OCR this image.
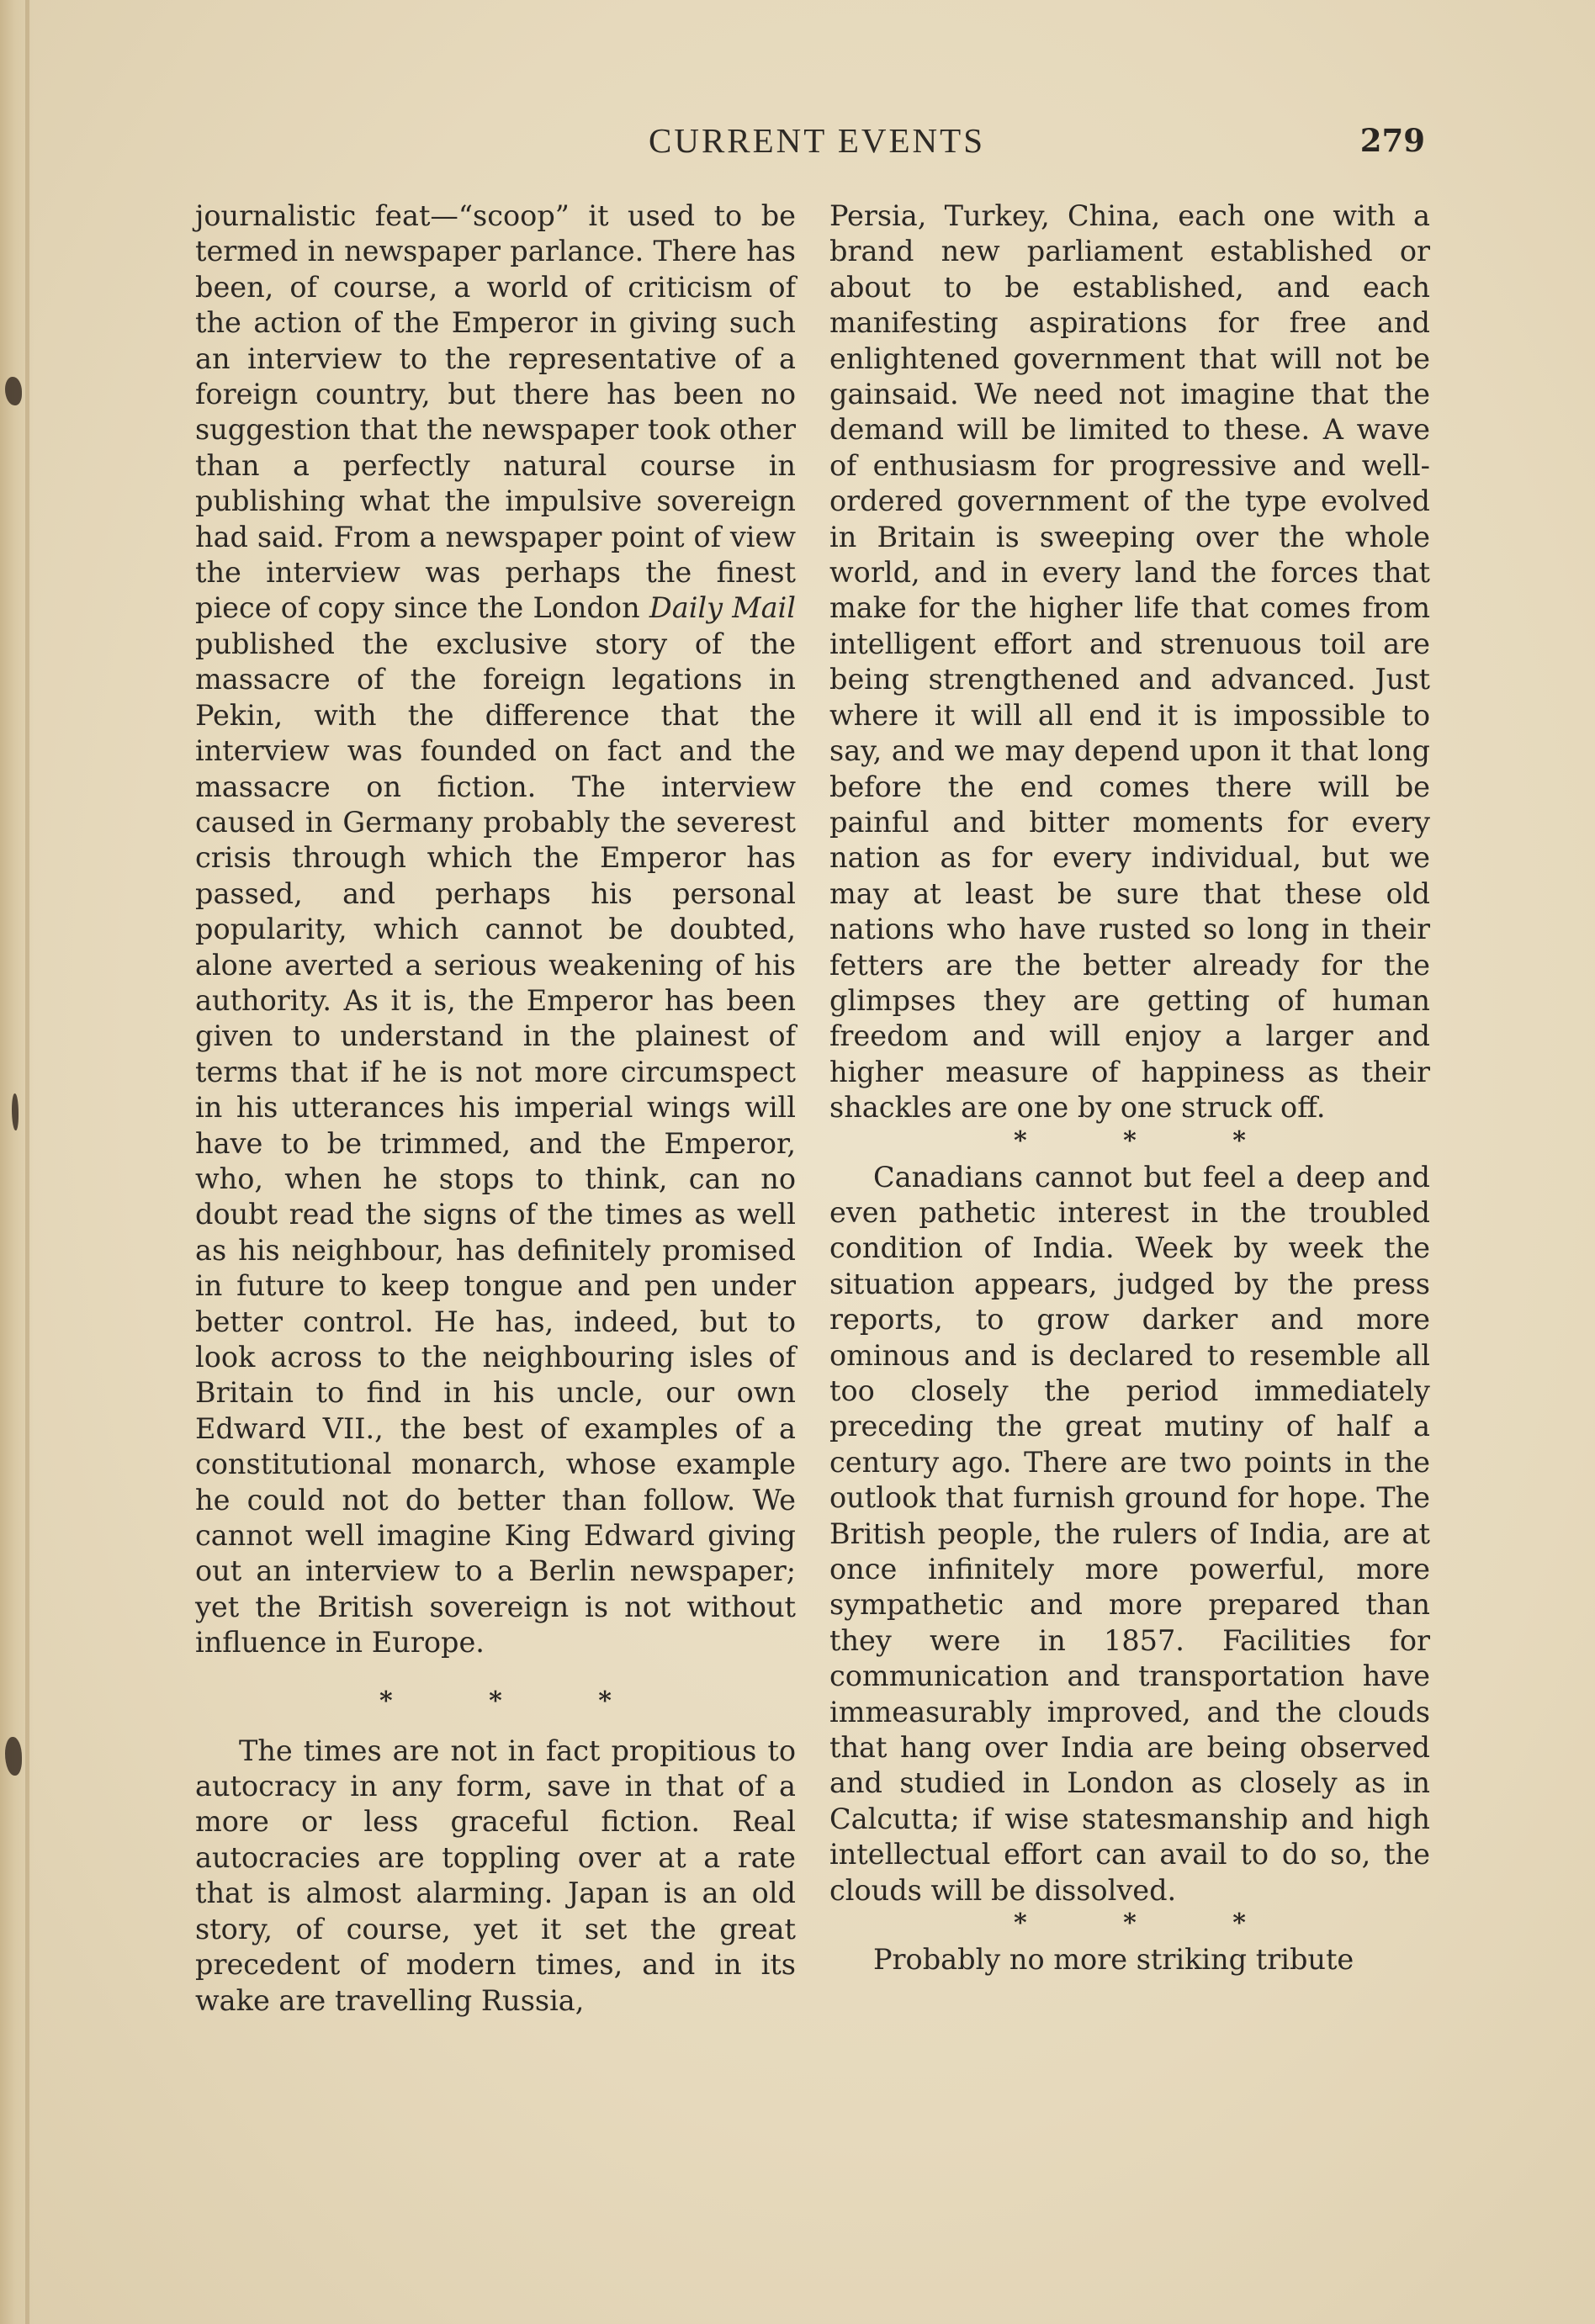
CURRENT EVENTS	279

journalistic feat—“scoop” it used to be termed in newspaper parlance. There has been, of course, a world of criticism of the action of the Emperor in giving such an interview to the representative of a foreign country, but there has been no suggestion that the newspaper took other than a perfectly natural course in publishing what the impulsive sovereign had said. From a newspaper point of view the interview was perhaps the finest piece of copy since the London Daily Mail published the exclusive story of the massacre of the foreign legations in Pekin, with the difference that the interview was founded on fact and the massacre on fiction. The interview caused in Germany probably the severest crisis through which the Emperor has passed, and perhaps his personal popularity, which cannot be doubted, alone averted a serious weakening of his authority. As it is, the Emperor has been given to understand in the plainest of terms that if he is not more circumspect in his utterances his imperial wings will have to be trimmed, and the Emperor, who, when he stops to think, can no doubt read the signs of the times as well as his neighbour, has definitely promised in future to keep tongue and pen under better control. He has, indeed, but to look across to the neighbouring isles of Britain to find in his uncle, our own Edward VII., the best of examples of a constitutional monarch, whose example he could not do better than follow. We cannot well imagine King Edward giving out an interview to a Berlin newspaper; yet the British sovereign is not without influence in Europe.

* * *

The times are not in fact propitious to autocracy in any form, save in that of a more or less graceful fiction. Real autocracies are toppling over at a rate that is almost alarming. Japan is an old story, of course, yet it set the great precedent of modern times, and in its wake are travelling Russia,

Persia, Turkey, China, each one with a brand new parliament established or about to be established, and each manifesting aspirations for free and enlightened government that will not be gainsaid. We need not imagine that the demand will be limited to these. A wave of enthusiasm for progressive and well-ordered government of the type evolved in Britain is sweeping over the whole world, and in every land the forces that make for the higher life that comes from intelligent effort and strenuous toil are being strengthened and advanced. Just where it will all end it is impossible to say, and we may depend upon it that long before the end comes there will be painful and bitter moments for every nation as for every individual, but we may at least be sure that these old nations who have rusted so long in their fetters are the better already for the glimpses they are getting of human freedom and will enjoy a larger and higher measure of happiness as their shackles are one by one struck off.

* * *

Canadians cannot but feel a deep and even pathetic interest in the troubled condition of India. Week by week the situation appears, judged by the press reports, to grow darker and more ominous and is declared to resemble all too closely the period immediately preceding the great mutiny of half a century ago. There are two points in the outlook that furnish ground for hope. The British people, the rulers of India, are at once infinitely more powerful, more sympathetic and more prepared than they were in 1857. Facilities for communication and transportation have immeasurably improved, and the clouds that hang over India are being observed and studied in London as closely as in Calcutta; if wise statesmanship and high intellectual effort can avail to do so, the clouds will be dissolved.

* * *

Probably no more striking tribute
